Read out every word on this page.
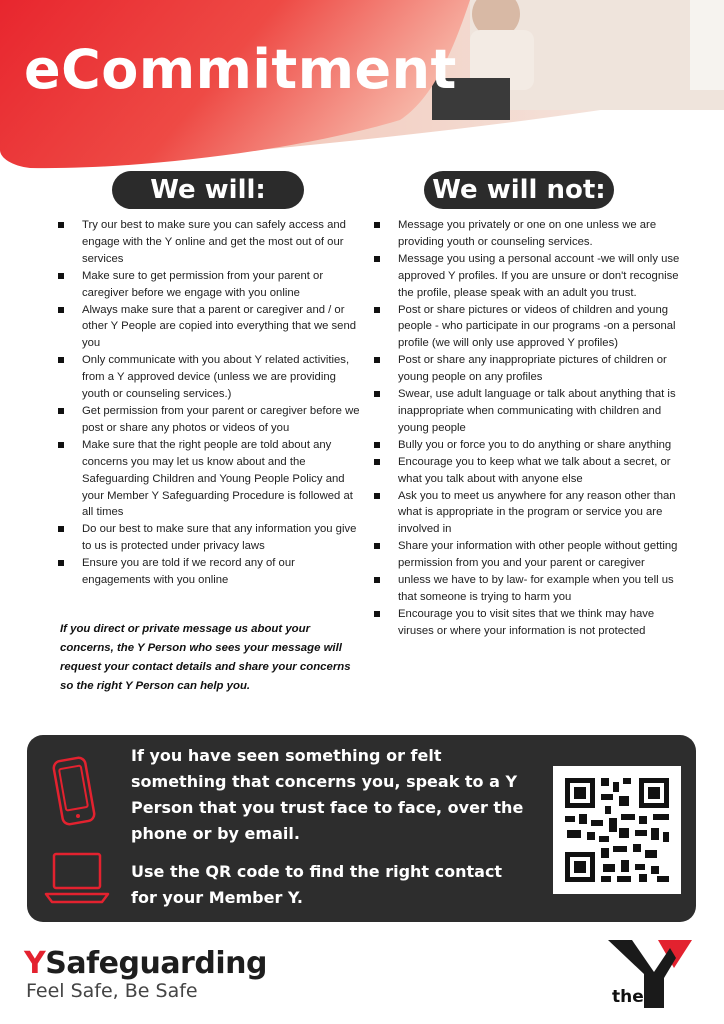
eCommitment
We will:	We will not:
Try our best to make sure you can safely access and engage with the Y online and get the most out of our services
Make sure to get permission from your parent or caregiver before we engage with you online
Always make sure that a parent or caregiver and / or other Y People are copied into everything that we send you
Only communicate with you about Y related activities, from a Y approved device (unless we are providing youth or counseling services.)
Get permission from your parent or caregiver before we post or share any photos or videos of you
Make sure that the right people are told about any concerns you may let us know about and the Safeguarding Children and Young People Policy and your Member Y Safeguarding Procedure is followed at all times
Do our best to make sure that any information you give to us is protected under privacy laws
Ensure you are told if we record any of our engagements with you online
If you direct or private message us about your concerns, the Y Person who sees your message will request your contact details and share your concerns so the right Y Person can help you.
Message you privately or one on one unless we are providing youth or counseling services.
Message you using a personal account -we will only use approved Y profiles. If you are unsure or don't recognise the profile, please speak with an adult you trust.
Post or share pictures or videos of children and young people - who participate in our programs -on a personal profile (we will only use approved Y profiles)
Post or share any inappropriate pictures of children or young people on any profiles
Swear, use adult language or talk about anything that is inappropriate when communicating with children and young people
Bully you or force you to do anything or share anything
Encourage you to keep what we talk about a secret, or what you talk about with anyone else
Ask you to meet us anywhere for any reason other than what is appropriate in the program or service you are involved in
Share your information with other people without getting permission from you and your parent or caregiver
unless we have to by law- for example when you tell us that someone is trying to harm you
Encourage you to visit sites that we think may have viruses or where your information is not protected
If you have seen something or felt something that concerns you, speak to a Y Person that you trust face to face, over the phone or by email.
Use the QR code to find the right contact for your Member Y.
YSafeguarding
Feel Safe, Be Safe	the
